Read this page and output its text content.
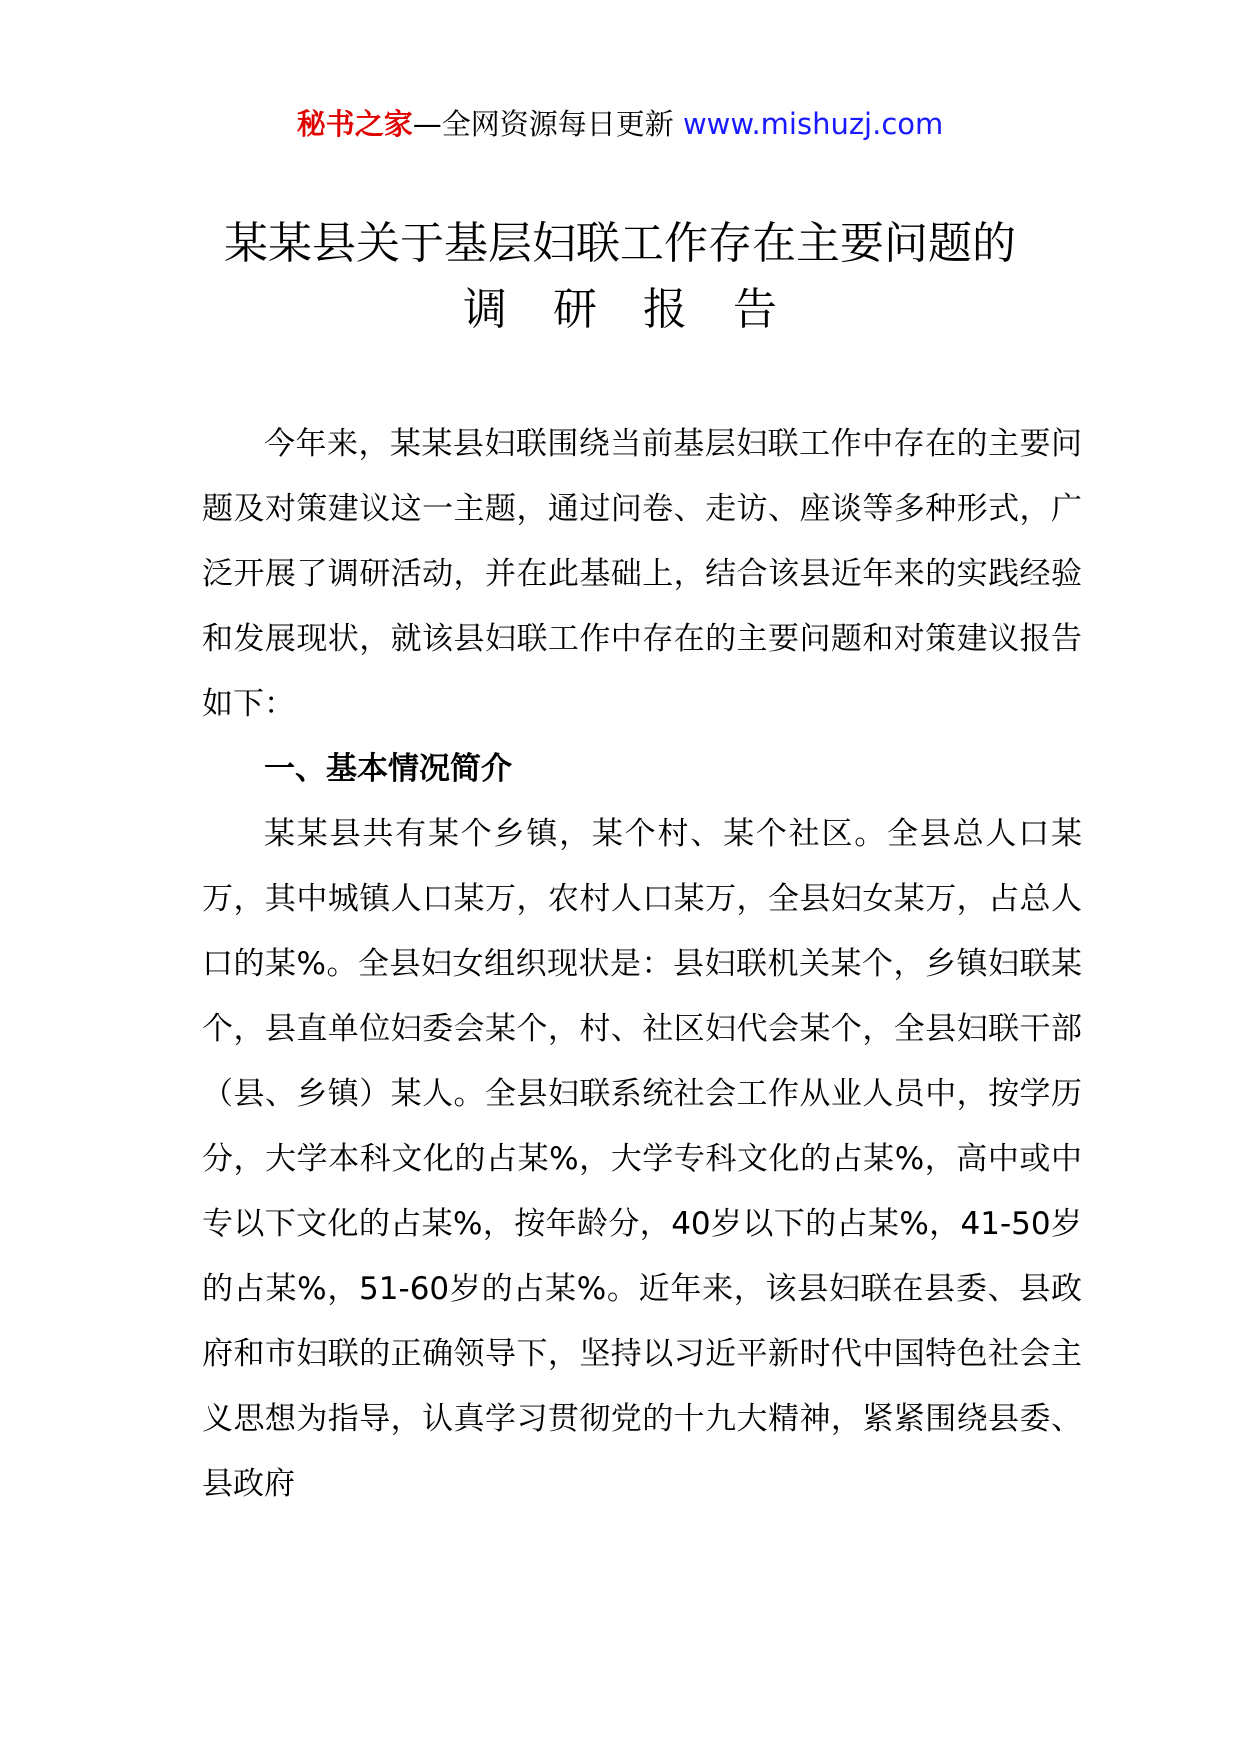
秘书之家—全网资源每日更新 www.mishuzj.com
某某县关于基层妇联工作存在主要问题的
调研报告

今年来，某某县妇联围绕当前基层妇联工作中存在的主要问题及对策建议这一主题，通过问卷、走访、座谈等多种形式，广泛开展了调研活动，并在此基础上，结合该县近年来的实践经验和发展现状，就该县妇联工作中存在的主要问题和对策建议报告如下：

一、基本情况简介

某某县共有某个乡镇，某个村、某个社区。全县总人口某万，其中城镇人口某万，农村人口某万，全县妇女某万，占总人口的某%。全县妇女组织现状是：县妇联机关某个，乡镇妇联某个，县直单位妇委会某个，村、社区妇代会某个，全县妇联干部（县、乡镇）某人。全县妇联系统社会工作从业人员中，按学历分，大学本科文化的占某%，大学专科文化的占某%，高中或中专以下文化的占某%，按年龄分，40岁以下的占某%，41-50岁的占某%，51-60岁的占某%。近年来，该县妇联在县委、县政府和市妇联的正确领导下，坚持以习近平新时代中国特色社会主义思想为指导，认真学习贯彻党的十九大精神，紧紧围绕县委、县政府
